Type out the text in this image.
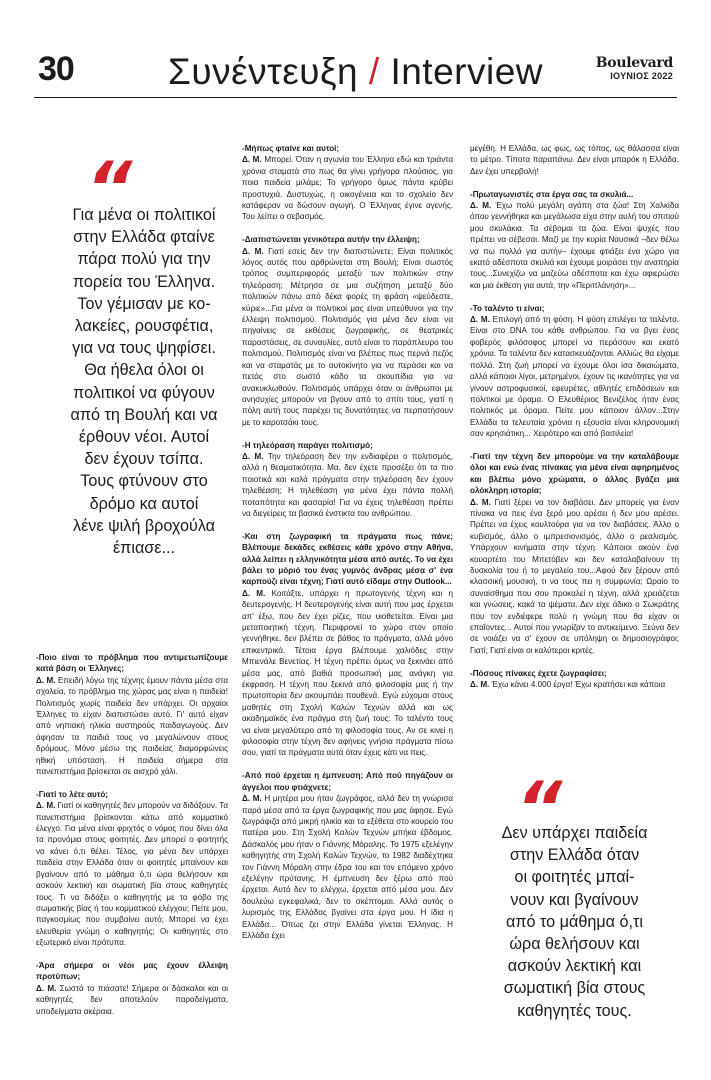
30	Συνέντευξη / Interview	Boulevard
ΙΟΥΝΙΟΣ 2022
“

Για μένα οι πολιτικοί

στην Ελλάδα φταίνε

πάρα πολύ για την

πορεία του Έλληνα.

Τον γέμισαν με κο-

λακείες, ρουσφέτια,

για να τους ψηφίσει.

Θα ήθελα όλοι οι

πολιτικοί να φύγουν

από τη Βουλή και να

έρθουν νέοι. Αυτοί

δεν έχουν τσίπα.

Τους φτύνουν στο

δρόμο κα αυτοί

λένε ψιλή βροχούλα

έπιασε...

-Ποιο είναι το πρόβλημα που αντιμετωπίζουμε κατά βάση οι Έλληνες;

Δ. Μ. Επειδή λόγω της τέχνης έμουν πάντα μέσα στα σχολεία, το πρόβλημα της χώρας μας είναι η παιδεία! Πολιτισμός χωρίς παιδεία δεν υπάρχει. Οι αρχαίοι Έλληνες το είχαν διαπιστώσει αυτό. Γι' αυτό είχαν από νηπιακή ηλικία αυστηρούς παιδαγωγούς. Δεν άφησαν τα παιδιά τους να μεγαλώνουν στους δρόμους. Μόνο μέσω της παιδείας διαμορφώνεις ηθική υπόσταση. Η παιδεία σήμερα στα πανεπιστήμια βρίσκεται σε αισχρό χάλι.

-Γιατί το λέτε αυτό;

Δ. Μ. Γιατί οι καθηγητές δεν μπορούν να διδάξουν. Τα πανεπιστήμια βρίσκονται κάτω από κομματικό έλεγχο. Για μένα είναι φριχτός ο νόμος που δίνει όλα τα προνόμια στους φοιτητές. Δεν μπορεί ο φοιτητής να κάνει ό,τι θέλει. Τέλος, για μένα δεν υπάρχει παιδεία στην Ελλάδα όταν οι φοιτητές μπαίνουν και βγαίνουν από το μάθημα ό,τι ώρα θελήσουν και ασκούν λεκτική και σωματική βία στους καθηγητές τους. Τι να διδάξει ο καθηγητής με το φόβο της σωματικής βίας ή του κομματικού ελέγχου; Πείτε μου, παγκοσμίως που συμβαίνει αυτό; Μπορεί να έχει ελευθερία γνώμη ο καθηγητής; Οι καθηγητές στο εξωτερικό είναι πρότυπα.

-Άρα σήμερα οι νέοι μας έχουν έλλειψη προτύπων;

Δ. Μ. Σωστά το πιάσατε! Σήμερα οι δάσκαλοι και οι καθηγητές δεν αποτελούν παραδείγματα, υποδείγματα ακέραια.

-Μήπως φταίνε και αυτοί;

Δ. Μ. Μπορεί. Όταν η αγωνία του Έλληνα εδώ και τριάντα χρόνια σταματά στο πως θα γίνει γρήγορα πλούσιος, για ποια παιδεία μιλάμε; Το γρήγορο όμως πάντα κρύβει προστυχιά. Δυστυχώς, η οικογένεια και το σχολείο δεν κατάφεραν να δώσουν αγωγή. Ο Έλληνας έγινε αγενής. Του λείπει ο σεβασμός.

-Διαπιστώνεται γενικότερα αυτήν την έλλειψη;

Δ. Μ. Γιατί εσείς δεν την διαπιστώνετε; Είναι πολιτικός λόγος αυτός που αρθρώνεται στη Βουλή; Είναι σωστός τρόπος συμπεριφοράς μεταξύ των πολιτικών στην τηλεόραση; Μέτρησα σε μια συζήτηση μεταξύ δύο πολιτικών πάνω από δέκα φορές τη φράση «ψεύδεστε, κύριε»...Για μένα οι πολιτικοί μας είναι υπεύθυνοι για την έλλειψη πολιτισμού. Πολιτισμός για μένα δεν είναι να πηγαίνεις σε εκθέσεις ζωγραφικής, σε θεατρικές παραστάσεις, σε συναυλίες, αυτό είναι το παράπλευρο του πολιτισμού. Πολιτισμός είναι να βλέπεις πως περνά πεζός και να σταματάς με το αυτοκίνητο για να περάσει και να πετάς στο σωστό κάδο τα σκουπίδια για να ανακυκλωθούν. Πολιτισμός υπάρχει όταν οι άνθρωποι με ανησυχίες μπορούν να βγουν από το σπίτι τους, γιατί η πόλη αυτή τους παρέχει τις δυνατότητες να περπατήσουν με το καροτσάκι τους.

-Η τηλεόραση παράγει πολιτισμό;

Δ. Μ. Την τηλεόραση δεν την ενδιαφέρει ο πολιτισμός, αλλά η θεαματικότητα. Μα, δεν έχετε προσέξει ότι τα πιο ποιοτικά και καλά πράγματα στην τηλεόραση δεν έχουν τηλεθέαση; Η τηλεθέαση για μένα έχει πάντα πολλή ποταπότητα και φασαρία! Για να έχεις τηλεθέαση πρέπει να διεγείρεις τα βασικά ένστικτα του ανθρώπου.

-Και στη ζωγραφική τα πράγματα πως πάνε; Βλέπουμε δεκάδες εκθέσεις κάθε χρόνο στην Αθήνα, αλλά λείπει η ελληνικότητα μέσα από αυτές. Το να έχει βάλει το μόριό του ένας γυμνός άνδρας μέσα σ' ένα καρπούζι είναι τέχνη; Γιατί αυτό είδαμε στην Outlook...

Δ. Μ. Κοιτάξτε, υπάρχει η πρωτογενής τέχνη και η δευτερογενής. Η δευτερογενής είναι αυτή που μας έρχεται απ' έξω, που δεν έχει ρίζες, που υιοθετείται. Είναι μια μεταποιητική τέχνη. Περιφρονεί το χώρο στον οποίο γεννήθηκε, δεν βλέπει σε βάθος τα πράγματα, αλλά μόνο επικεντρικά. Τέτοια έργα βλέπουμε χαλιόδες στην Μπιενάλε Βενετίας. Η τέχνη πρέπει όμως να ξεκινάει από μέσα μας, από βαθιά προσωπική μας ανάγκη για έκφραση. Η τέχνη που ξεκινά από φιλοσοφία μας ή την πρωτοπορία δεν ακουμπάει πουθενά. Εγώ εύχομαι στους μαθητές στη Σχολή Καλών Τεχνών αλλά και ως ακαδημαϊκός ένα πράγμα στη ζωή τους: Το ταλέντο τους να είναι μεγαλύτερο από τη φιλοσοφία τους. Αν σε κινεί η φιλοσοφία στην τέχνη δεν αφήνεις γνήσια πράγματα πίσω σου, γιατί τα πράγματα αυτά όταν έχεις κάτι να πεις.

-Από πού έρχεται η έμπνευση; Από πού πηγάζουν οι άγγελοι που φτιάχνετε;

Δ. Μ. Η μητέρα μου ήταν ζωγράφος, αλλά δεν τη γνώρισα παρά μέσα από τα έργα ζωγραφικής που μας άφησε. Εγώ ζωγράφιζα από μικρή ηλικία και τα εξέθετα στο κουρείο του πατέρα μου. Στη Σχολή Καλών Τεχνών μπήκα έβδομος. Δάσκαλός μου ήταν ο Γιάννης Μόραλης. Το 1975 εξελέγην καθηγητής στη Σχολή Καλών Τεχνών, το 1982 διαδέχτηκα τον Γιάννη Μόραλη στην έδρα του και τον επόμενο χρόνο εξελέγην πρύτανης. Η έμπνευση δεν ξέρω από πού έρχεται. Αυτό δεν το ελέγχω, έρχεται από μέσα μου. Δεν δουλεύω εγκεφαλικά, δεν το σκέπτομαι. Αλλά αυτός ο λυρισμός της Ελλάδας βγαίνει στα έργα μου. Η ίδια η Ελλάδα... Όπως ζει στην Ελλάδα γίνεται Έλληνας. Η Ελλάδα έχει

μεγέθη. Η Ελλάδα, ως φως, ως τόπος, ως θάλασσα είναι το μέτρο. Τίποτα παραπάνω. Δεν είναι μπαρόκ η Ελλάδα. Δεν έχει υπερβολή!

-Πρωταγωνιστές στα έργα σας τα σκυλιά...

Δ. Μ. Έχω πολύ μεγάλη αγάπη στα ζώα! Στη Χαλκίδα όπου γεννήθηκα και μεγάλωσα είχα στην αυλή του σπιτιού μου σκυλάκια. Τα σέβομαι τα ζώα. Είναι ψυχές που πρέπει να σέβεσαι. Μαζί με την κυρία Ναυσικά –δεν θέλω να πω πολλά για αυτήν– έχουμε φτιάξει ένα χώρο για εκατό αδέσποτα σκυλιά και έχουμε μοιράσει την αναπηρία τους...Συνεχίζω να μαζεύω αδέσποτα και έχω αφιερώσει και μια έκθεση για αυτά, την «Περιπλάνηση»...

-Το ταλέντο τι είναι;

Δ. Μ. Επιλογή από τη φύση. Η φύση επιλέγει τα ταλέντα. Είναι στο DNA του κάθε ανθρώπου. Για να βγει ένας φοβερός φιλόσοφος μπορεί να περάσουν και εκατό χρόνια. Τα ταλέντα δεν κατασκευάζονται. Αλλιώς θα είχαμε πολλά. Στη ζωή μπορεί να έχουμε όλοι ίσα δικαιώματα, αλλά κάποιοι λίγοι, μετρημένοι, έχουν τις ικανότητες για να γίνουν αστροφυσικοί, εφευρέτες, αθλητές επιδόσεων και πολιτικοί με όραμα. Ο Ελευθέριος Βενιζέλος ήταν ένας πολιτικός με όραμα. Πείτε μου κάποιον άλλον...Στην Ελλάδα τα τελευταία χρόνια η εξουσία είναι κληρονομική σαν κρησιάτικη... Χειρότερο και από βασιλεία!

-Γιατί την τέχνη δεν μπορούμε να την καταλάβουμε όλοι και ενώ ένας πίνακας για μένα είναι αφηρημένος και βλέπω μόνο χρώματα, ο άλλος βγάζει μια ολόκληρη ιστορία;

Δ. Μ. Γιατί ξέρει να τον διαβάσει. Δεν μπορείς για έναν πίνακα να πεις ένα ξερό μου αρέσει ή δεν μου αρέσει. Πρέπει να έχεις κουλτούρα για να τον διαβάσεις. Άλλο ο κυβισμός, άλλο ο ιμπρεσιονισμός, άλλο ο ρεαλισμός. Υπάρχουν κινήματα στην τέχνη. Κάποιοι ακούν ένα κουαρτέτο του Μπετόβεν και δεν καταλαβαίνουν τη δυσκολία του ή το μεγαλείο του...Αφού δεν ξέρουν από κλασσική μουσική, τι να τους πει η συμφωνία; Ωραίο το συναίσθημα που σου προκαλεί η τέχνη, αλλά χρειάζεται και γνώσεις, κακά τα ψέματα. Δεν είχε άδικο ο Σωκράτης που τον ενδιέφερε πολύ η γνώμη που θα είχαν οι επαΐοντες... Αυτοί που γνωρίζαν το αντικείμενο. Ξεύνα δεν σε νοιάζει να σ' έχουν σε υπόληψη οι δημοσιογράφοι; Γιατί; Γιατί είναι οι καλύτεροι κριτές.

-Πόσους πίνακες έχετε ζωγραφίσει;

Δ. Μ. Έχω κάνει 4.000 έργα! Έχω κρατήσει και κάποια

“

Δεν υπάρχει παιδεία

στην Ελλάδα όταν

οι φοιτητές μπαί-

νουν και βγαίνουν

από το μάθημα ό,τι

ώρα θελήσουν και

ασκούν λεκτική και

σωματική βία στους

καθηγητές τους.
